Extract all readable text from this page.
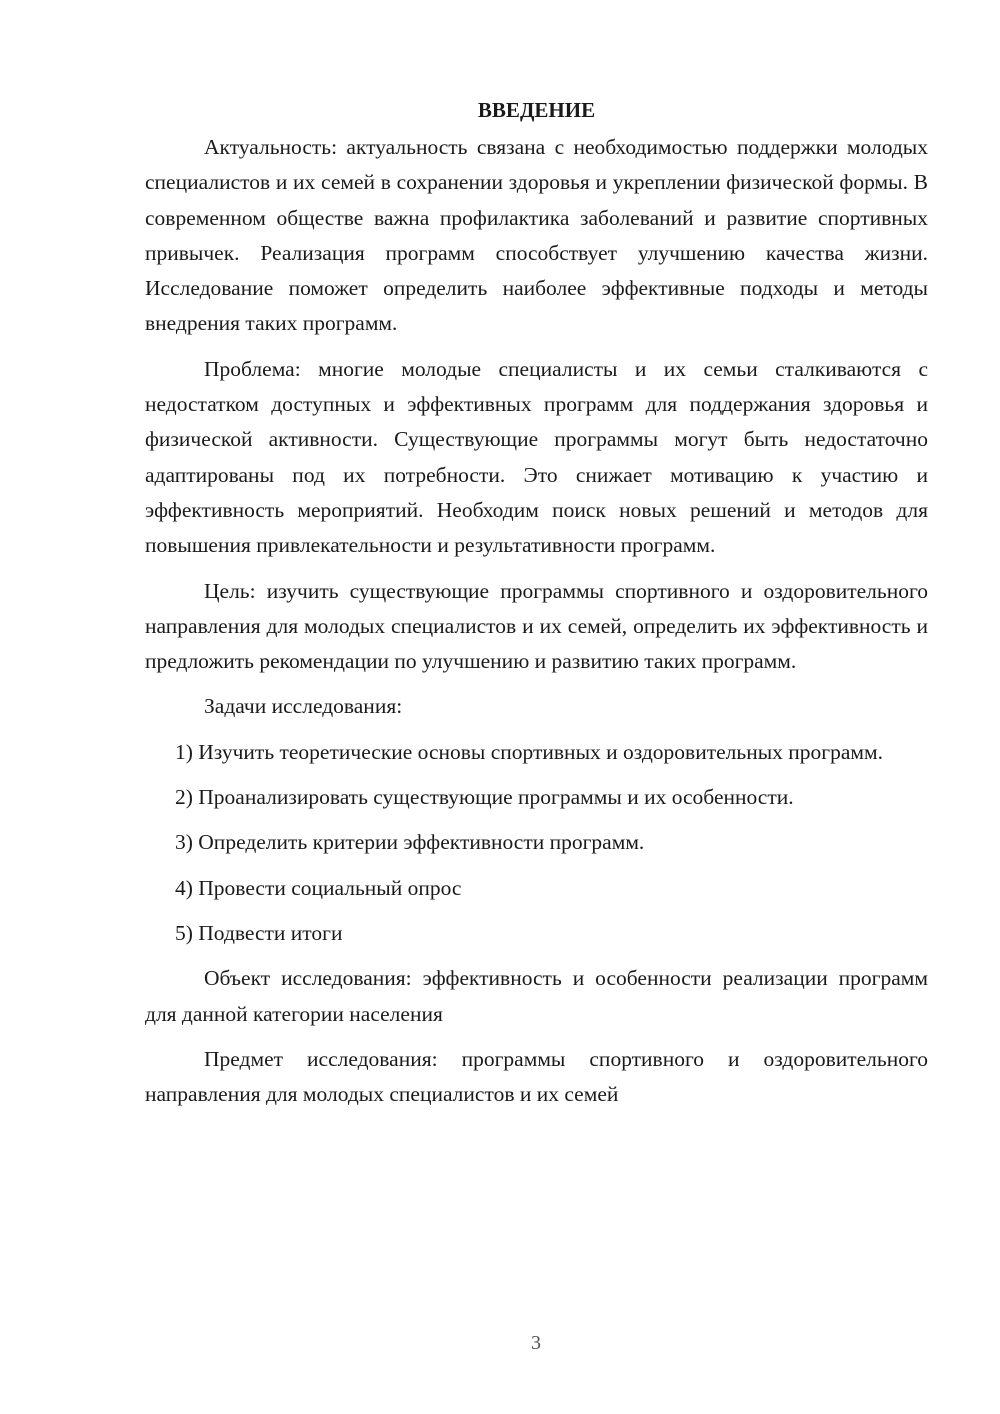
ВВЕДЕНИЕ

Актуальность: актуальность связана с необходимостью поддержки молодых специалистов и их семей в сохранении здоровья и укреплении физической формы. В современном обществе важна профилактика заболеваний и развитие спортивных привычек. Реализация программ способствует улучшению качества жизни. Исследование поможет определить наиболее эффективные подходы и методы внедрения таких программ.

Проблема: многие молодые специалисты и их семьи сталкиваются с недостатком доступных и эффективных программ для поддержания здоровья и физической активности. Существующие программы могут быть недостаточно адаптированы под их потребности. Это снижает мотивацию к участию и эффективность мероприятий. Необходим поиск новых решений и методов для повышения привлекательности и результативности программ.

Цель: изучить существующие программы спортивного и оздоровительного направления для молодых специалистов и их семей, определить их эффективность и предложить рекомендации по улучшению и развитию таких программ.

Задачи исследования:

1) Изучить теоретические основы спортивных и оздоровительных программ.

2) Проанализировать существующие программы и их особенности.

3) Определить критерии эффективности программ.

4) Провести социальный опрос

5) Подвести итоги

Объект исследования: эффективность и особенности реализации программ для данной категории населения

Предмет исследования: программы спортивного и оздоровительного направления для молодых специалистов и их семей

3
